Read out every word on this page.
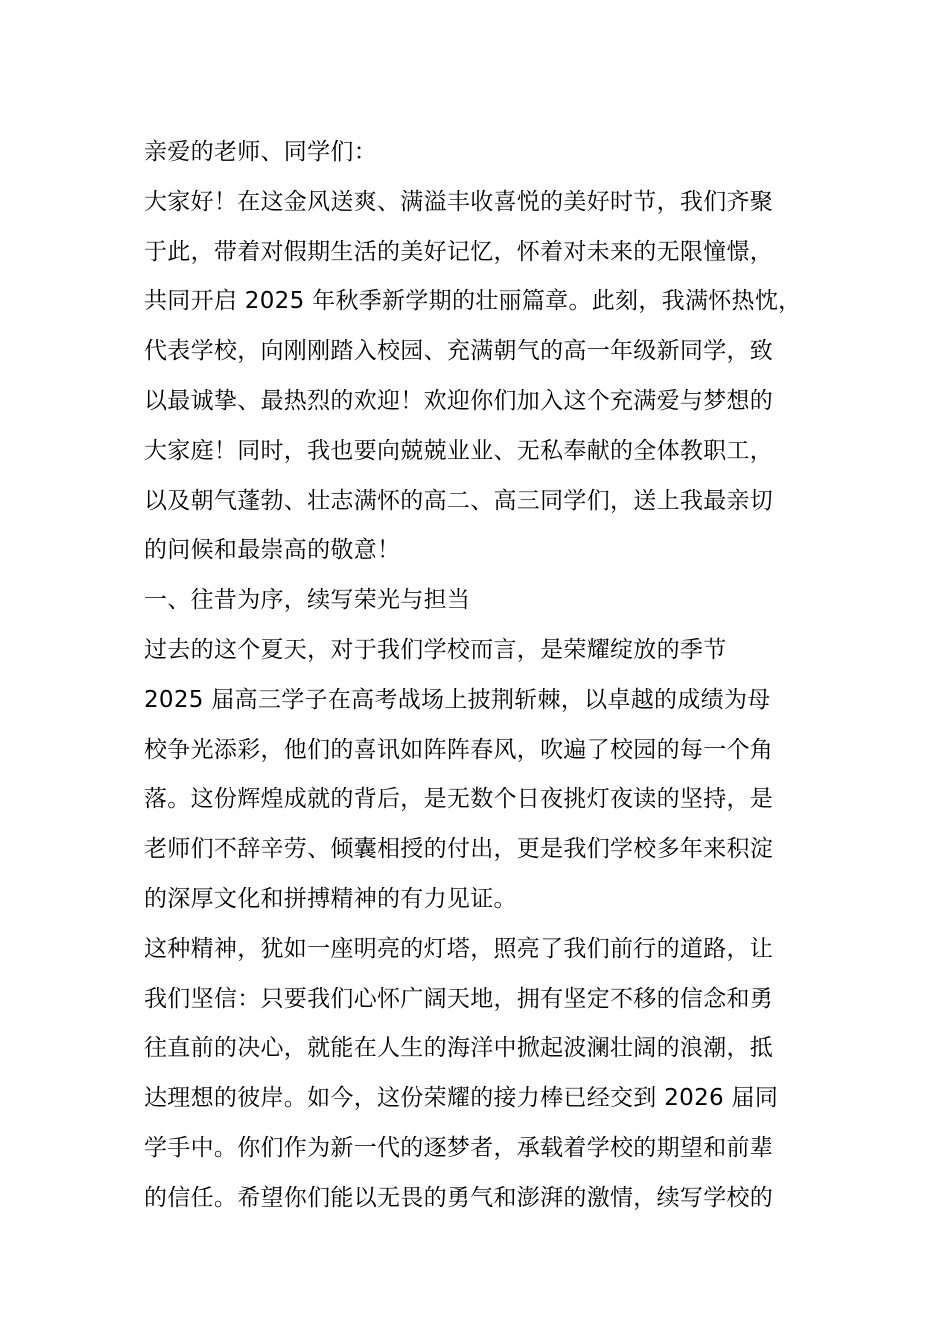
亲爱的老师、同学们：
大家好！在这金风送爽、满溢丰收喜悦的美好时节，我们齐聚
于此，带着对假期生活的美好记忆，怀着对未来的无限憧憬，
共同开启 2025 年秋季新学期的壮丽篇章。此刻，我满怀热忱，
代表学校，向刚刚踏入校园、充满朝气的高一年级新同学，致
以最诚挚、最热烈的欢迎！欢迎你们加入这个充满爱与梦想的
大家庭！同时，我也要向兢兢业业、无私奉献的全体教职工，
以及朝气蓬勃、壮志满怀的高二、高三同学们，送上我最亲切
的问候和最崇高的敬意！
一、往昔为序，续写荣光与担当
过去的这个夏天，对于我们学校而言，是荣耀绽放的季节
2025 届高三学子在高考战场上披荆斩棘，以卓越的成绩为母
校争光添彩，他们的喜讯如阵阵春风，吹遍了校园的每一个角
落。这份辉煌成就的背后，是无数个日夜挑灯夜读的坚持，是
老师们不辞辛劳、倾囊相授的付出，更是我们学校多年来积淀
的深厚文化和拼搏精神的有力见证。
这种精神，犹如一座明亮的灯塔，照亮了我们前行的道路，让
我们坚信：只要我们心怀广阔天地，拥有坚定不移的信念和勇
往直前的决心，就能在人生的海洋中掀起波澜壮阔的浪潮，抵
达理想的彼岸。如今，这份荣耀的接力棒已经交到 2026 届同
学手中。你们作为新一代的逐梦者，承载着学校的期望和前辈
的信任。希望你们能以无畏的勇气和澎湃的激情，续写学校的
